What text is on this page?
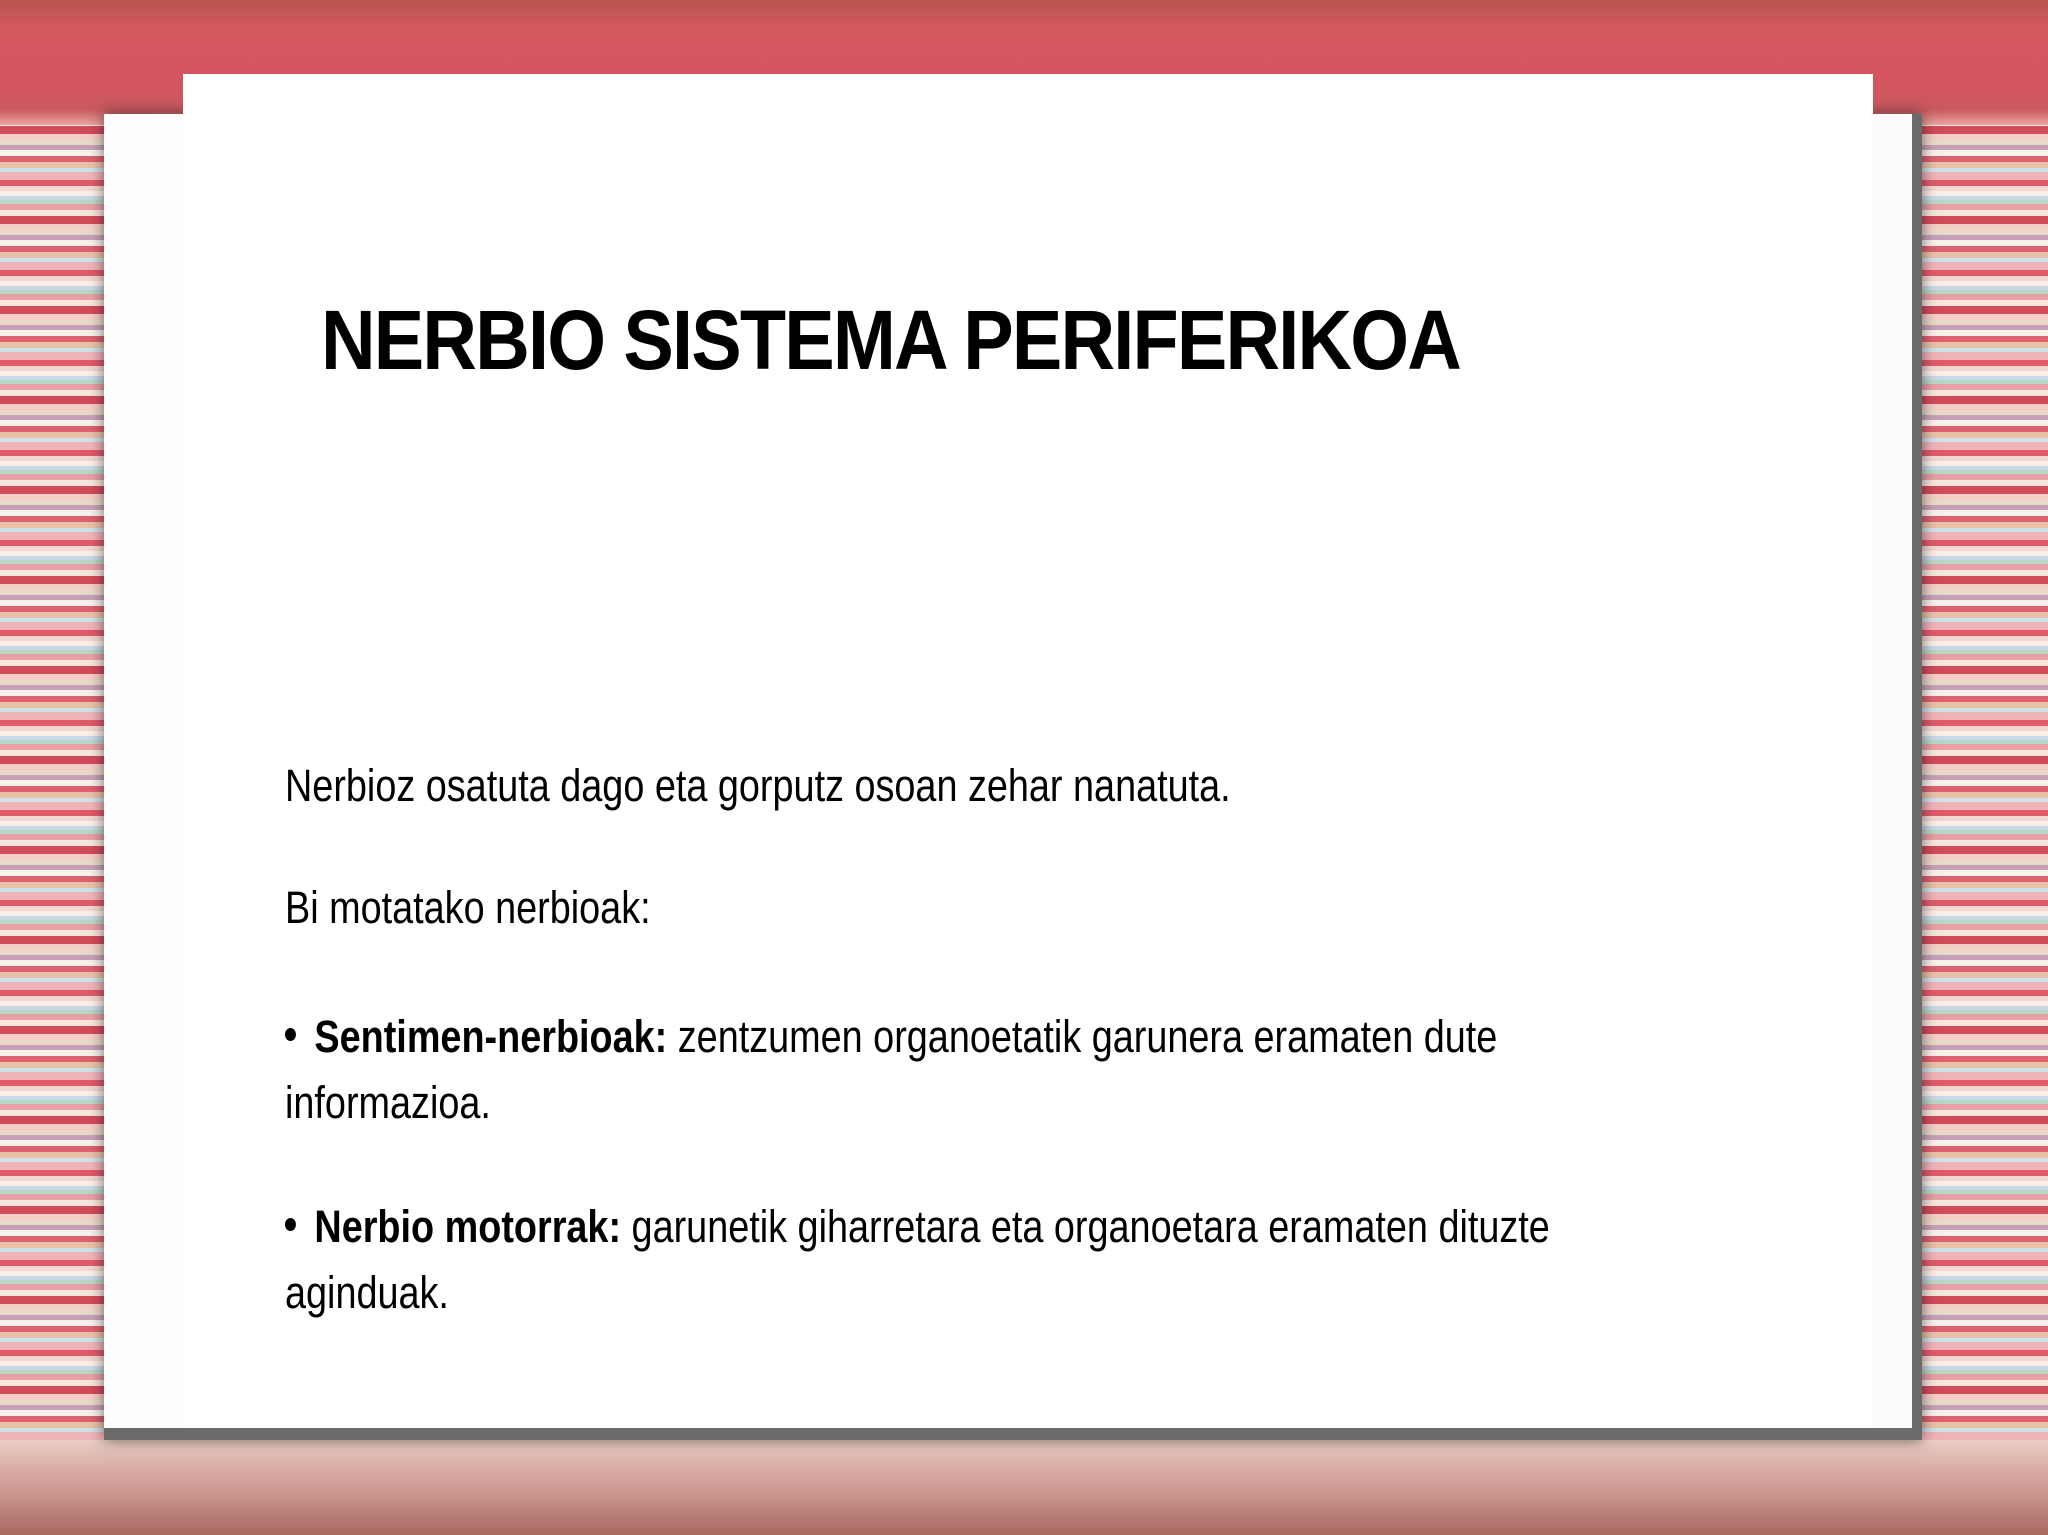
NERBIO SISTEMA PERIFERIKOA

Nerbioz osatuta dago eta gorputz osoan zehar nanatuta.

Bi motatako nerbioak:

Sentimen-nerbioak: zentzumen organoetatik garunera eramaten dute
informazioa.
Nerbio motorrak: garunetik giharretara eta organoetara eramaten dituzte
aginduak.
